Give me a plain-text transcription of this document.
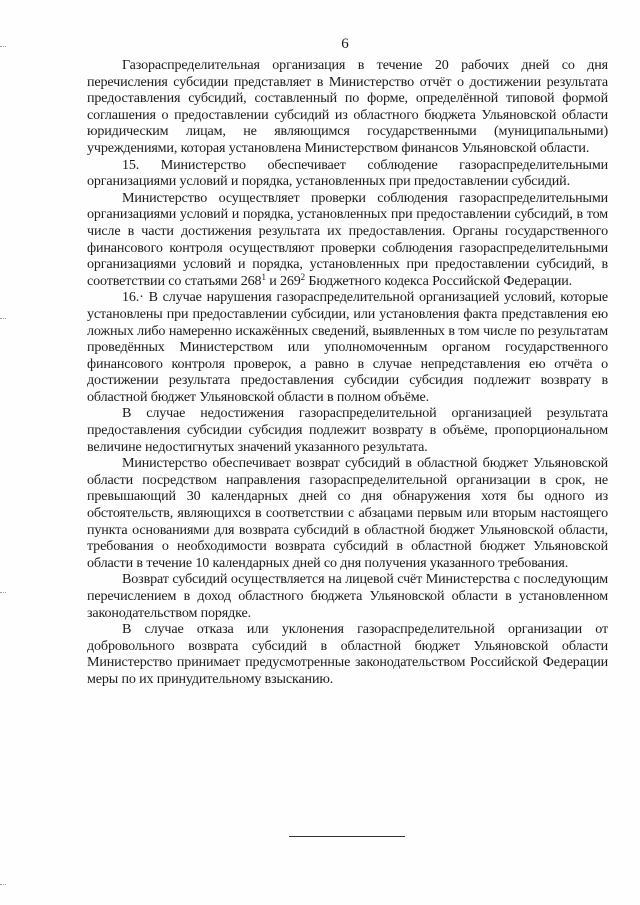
6

Газораспределительная организация в течение 20 рабочих дней со дня перечисления субсидии представляет в Министерство отчёт о достижении результата предоставления субсидий, составленный по форме, определённой типовой формой соглашения о предоставлении субсидий из областного бюджета Ульяновской области юридическим лицам, не являющимся государственными (муниципальными) учреждениями, которая установлена Министерством финансов Ульяновской области.

15. Министерство обеспечивает соблюдение газораспределительными организациями условий и порядка, установленных при предоставлении субсидий.

Министерство осуществляет проверки соблюдения газораспределительными организациями условий и порядка, установленных при предоставлении субсидий, в том числе в части достижения результата их предоставления. Органы государственного финансового контроля осуществляют проверки соблюдения газораспределительными организациями условий и порядка, установленных при предоставлении субсидий, в соответствии со статьями $268^1$ и $269^2$ Бюджетного кодекса Российской Федерации.

16.· В случае нарушения газораспределительной организацией условий, которые установлены при предоставлении субсидии, или установления факта представления ею ложных либо намеренно искажённых сведений, выявленных в том числе по результатам проведённых Министерством или уполномоченным органом государственного финансового контроля проверок, а равно в случае непредставления ею отчёта о достижении результата предоставления субсидии субсидия подлежит возврату в областной бюджет Ульяновской области в полном объёме.

В случае недостижения газораспределительной организацией результата предоставления субсидии субсидия подлежит возврату в объёме, пропорциональном величине недостигнутых значений указанного результата.

Министерство обеспечивает возврат субсидий в областной бюджет Ульяновской области посредством направления газораспределительной организации в срок, не превышающий 30 календарных дней со дня обнаружения хотя бы одного из обстоятельств, являющихся в соответствии с абзацами первым или вторым настоящего пункта основаниями для возврата субсидий в областной бюджет Ульяновской области, требования о необходимости возврата субсидий в областной бюджет Ульяновской области в течение 10 календарных дней со дня получения указанного требования.

Возврат субсидий осуществляется на лицевой счёт Министерства с последующим перечислением в доход областного бюджета Ульяновской области в установленном законодательством порядке.

В случае отказа или уклонения газораспределительной организации от добровольного возврата субсидий в областной бюджет Ульяновской области Министерство принимает предусмотренные законодательством Российской Федерации меры по их принудительному взысканию.
